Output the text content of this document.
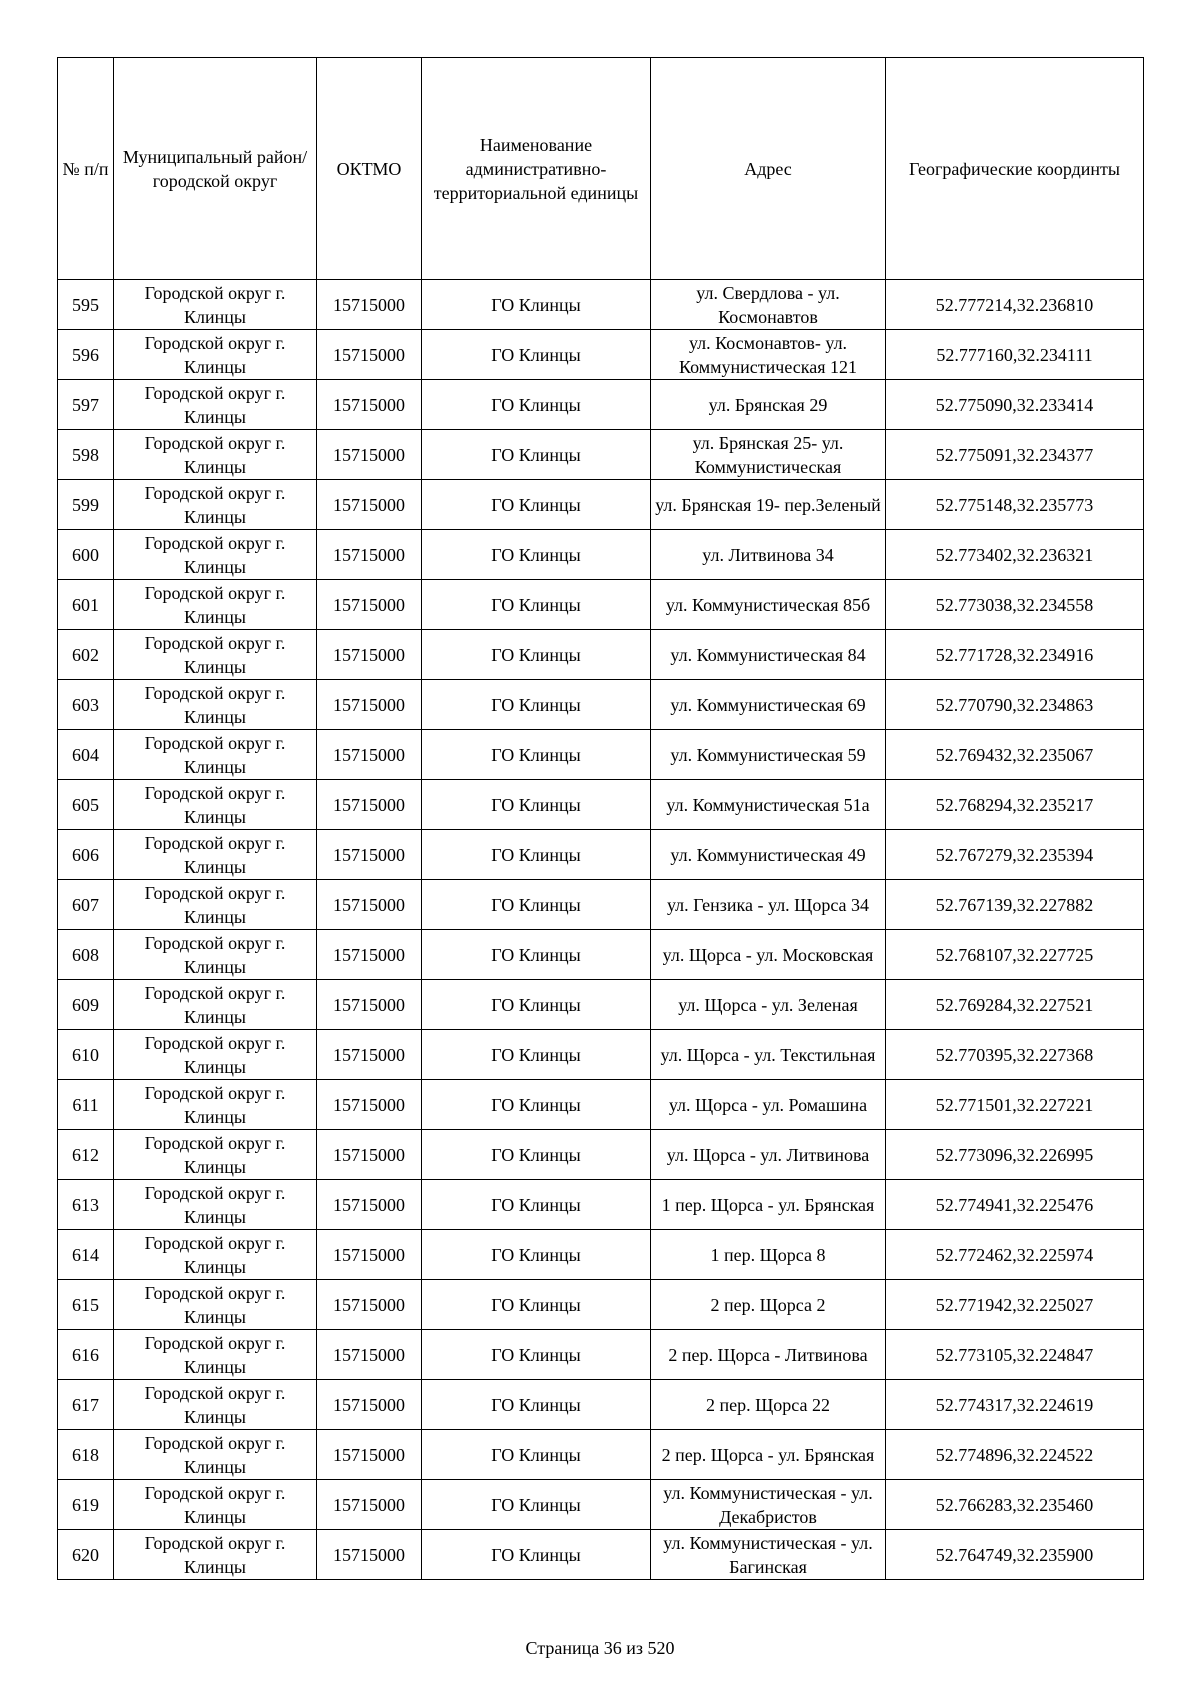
№ п/п	Муниципальный район/городской округ	ОКТМО	Наименование административно-территориальной единицы	Адрес	Географические координты
595	Городской округ г. Клинцы	15715000	ГО Клинцы	ул. Свердлова - ул. Космонавтов	52.777214,32.236810
596	Городской округ г. Клинцы	15715000	ГО Клинцы	ул. Космонавтов- ул. Коммунистическая 121	52.777160,32.234111
597	Городской округ г. Клинцы	15715000	ГО Клинцы	ул. Брянская 29	52.775090,32.233414
598	Городской округ г. Клинцы	15715000	ГО Клинцы	ул. Брянская 25- ул. Коммунистическая	52.775091,32.234377
599	Городской округ г. Клинцы	15715000	ГО Клинцы	ул. Брянская 19- пер.Зеленый	52.775148,32.235773
600	Городской округ г. Клинцы	15715000	ГО Клинцы	ул. Литвинова 34	52.773402,32.236321
601	Городской округ г. Клинцы	15715000	ГО Клинцы	ул. Коммунистическая 85б	52.773038,32.234558
602	Городской округ г. Клинцы	15715000	ГО Клинцы	ул. Коммунистическая 84	52.771728,32.234916
603	Городской округ г. Клинцы	15715000	ГО Клинцы	ул. Коммунистическая 69	52.770790,32.234863
604	Городской округ г. Клинцы	15715000	ГО Клинцы	ул. Коммунистическая 59	52.769432,32.235067
605	Городской округ г. Клинцы	15715000	ГО Клинцы	ул. Коммунистическая 51а	52.768294,32.235217
606	Городской округ г. Клинцы	15715000	ГО Клинцы	ул. Коммунистическая 49	52.767279,32.235394
607	Городской округ г. Клинцы	15715000	ГО Клинцы	ул. Гензика - ул. Щорса 34	52.767139,32.227882
608	Городской округ г. Клинцы	15715000	ГО Клинцы	ул. Щорса - ул. Московская	52.768107,32.227725
609	Городской округ г. Клинцы	15715000	ГО Клинцы	ул. Щорса - ул. Зеленая	52.769284,32.227521
610	Городской округ г. Клинцы	15715000	ГО Клинцы	ул. Щорса - ул. Текстильная	52.770395,32.227368
611	Городской округ г. Клинцы	15715000	ГО Клинцы	ул. Щорса - ул. Ромашина	52.771501,32.227221
612	Городской округ г. Клинцы	15715000	ГО Клинцы	ул. Щорса - ул. Литвинова	52.773096,32.226995
613	Городской округ г. Клинцы	15715000	ГО Клинцы	1 пер. Щорса - ул. Брянская	52.774941,32.225476
614	Городской округ г. Клинцы	15715000	ГО Клинцы	1 пер. Щорса 8	52.772462,32.225974
615	Городской округ г. Клинцы	15715000	ГО Клинцы	2 пер. Щорса 2	52.771942,32.225027
616	Городской округ г. Клинцы	15715000	ГО Клинцы	2 пер. Щорса - Литвинова	52.773105,32.224847
617	Городской округ г. Клинцы	15715000	ГО Клинцы	2 пер. Щорса 22	52.774317,32.224619
618	Городской округ г. Клинцы	15715000	ГО Клинцы	2 пер. Щорса - ул. Брянская	52.774896,32.224522
619	Городской округ г. Клинцы	15715000	ГО Клинцы	ул. Коммунистическая - ул. Декабристов	52.766283,32.235460
620	Городской округ г. Клинцы	15715000	ГО Клинцы	ул. Коммунистическая - ул. Багинская	52.764749,32.235900
Страница 36 из 520
